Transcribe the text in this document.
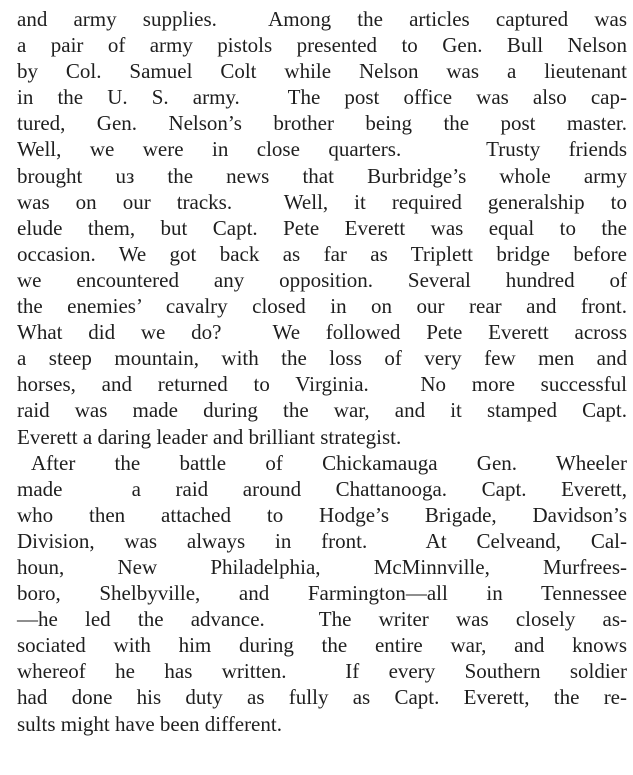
and army supplies.  Among the articles captured was
a pair of army pistols presented to Gen. Bull Nelson
by Col. Samuel Colt while Nelson was a lieutenant
in the U. S. army.  The post office was also cap-
tured, Gen. Nelson’s brother being the post master.
Well, we were in close quarters.   Trusty friends
brought uз the news that Burbridge’s whole army
was on our tracks.  Well, it required generalship to
elude them, but Capt. Pete Everett was equal to the
occasion. We got back as far as Triplett bridge before
we encountered any opposition. Several hundred of
the enemies’ cavalry closed in on our rear and front.
What did we do?  We followed Pete Everett across
a steep mountain, with the loss of very few men and
horses, and returned to Virginia.  No more successful
raid was made during the war, and it stamped Capt.
Everett a daring leader and brilliant strategist.
After the battle of Chickamauga Gen. Wheeler
made  a raid around Chattanooga. Capt. Everett,
who then attached to Hodge’s Brigade, Davidson’s
Division, was always in front.  At Celveand, Cal-
houn, New Philadelphia, McMinnville, Murfrees-
boro, Shelbyville, and Farmington—all in Tennessee
—he led the advance.  The writer was closely as-
sociated with him during the entire war, and knows
whereof he has written.  If every Southern soldier
had done his duty as fully as Capt. Everett, the re-
sults might have been different.
